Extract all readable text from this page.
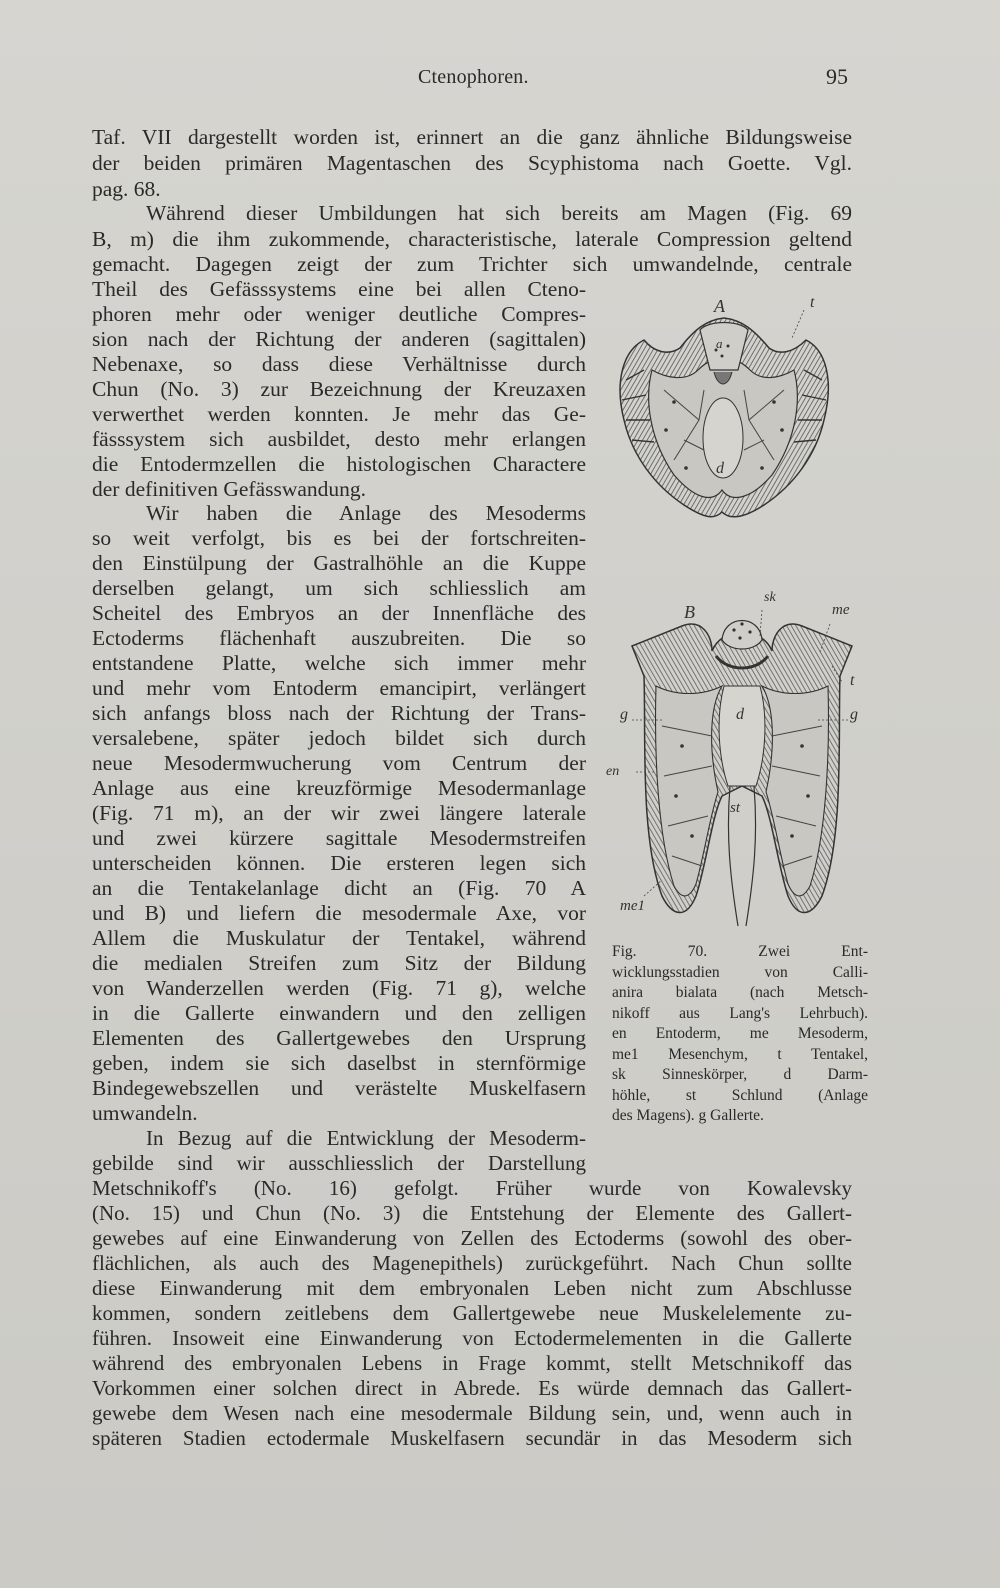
Ctenophoren.	95
Taf. VII dargestellt worden ist, erinnert an die ganz ähnliche Bildungsweise
der beiden primären Magentaschen des Scyphistoma nach Goette. Vgl.
pag. 68.
Während dieser Umbildungen hat sich bereits am Magen (Fig. 69
B, m) die ihm zukommende, characteristische, laterale Compression geltend
gemacht. Dagegen zeigt der zum Trichter sich umwandelnde, centrale
Theil des Gefässsystems eine bei allen Cteno-
phoren mehr oder weniger deutliche Compres-
sion nach der Richtung der anderen (sagittalen)
Nebenaxe, so dass diese Verhältnisse durch
Chun (No. 3) zur Bezeichnung der Kreuzaxen
verwerthet werden konnten. Je mehr das Ge-
fässsystem sich ausbildet, desto mehr erlangen
die Entodermzellen die histologischen Charactere
der definitiven Gefässwandung.
Wir haben die Anlage des Mesoderms
so weit verfolgt, bis es bei der fortschreiten-
den Einstülpung der Gastralhöhle an die Kuppe
derselben gelangt, um sich schliesslich am
Scheitel des Embryos an der Innenfläche des
Ectoderms flächenhaft auszubreiten. Die so
entstandene Platte, welche sich immer mehr
und mehr vom Entoderm emancipirt, verlängert
sich anfangs bloss nach der Richtung der Trans-
versalebene, später jedoch bildet sich durch
neue Mesodermwucherung vom Centrum der
Anlage aus eine kreuzförmige Mesodermanlage
(Fig. 71 m), an der wir zwei längere laterale
und zwei kürzere sagittale Mesodermstreifen
unterscheiden können. Die ersteren legen sich
an die Tentakelanlage dicht an (Fig. 70 A
und B) und liefern die mesodermale Axe, vor
Allem die Muskulatur der Tentakel, während
die medialen Streifen zum Sitz der Bildung
von Wanderzellen werden (Fig. 71 g), welche
in die Gallerte einwandern und den zelligen
Elementen des Gallertgewebes den Ursprung
geben, indem sie sich daselbst in sternförmige
Bindegewebszellen und verästelte Muskelfasern
umwandeln.
In Bezug auf die Entwicklung der Mesoderm-
gebilde sind wir ausschliesslich der Darstellung
Metschnikoff's (No. 16) gefolgt. Früher wurde von Kowalevsky
(No. 15) und Chun (No. 3) die Entstehung der Elemente des Gallert-
gewebes auf eine Einwanderung von Zellen des Ectoderms (sowohl des ober-
flächlichen, als auch des Magenepithels) zurückgeführt. Nach Chun sollte
diese Einwanderung mit dem embryonalen Leben nicht zum Abschlusse
kommen, sondern zeitlebens dem Gallertgewebe neue Muskelelemente zu-
führen. Insoweit eine Einwanderung von Ectodermelementen in die Gallerte
während des embryonalen Lebens in Frage kommt, stellt Metschnikoff das
Vorkommen einer solchen direct in Abrede. Es würde demnach das Gallert-
gewebe dem Wesen nach eine mesodermale Bildung sein, und, wenn auch in
späteren Stadien ectodermale Muskelfasern secundär in das Mesoderm sich
A	t
a
d
B
sk
me
t
g	g
d
en
st
me1
Fig. 70. Zwei Ent-
wicklungsstadien von Calli-
anira bialata (nach Metsch-
nikoff aus Lang's Lehrbuch).
en Entoderm, me Mesoderm,
me1 Mesenchym, t Tentakel,
sk Sinneskörper, d Darm-
höhle, st Schlund (Anlage
des Magens). g Gallerte.
